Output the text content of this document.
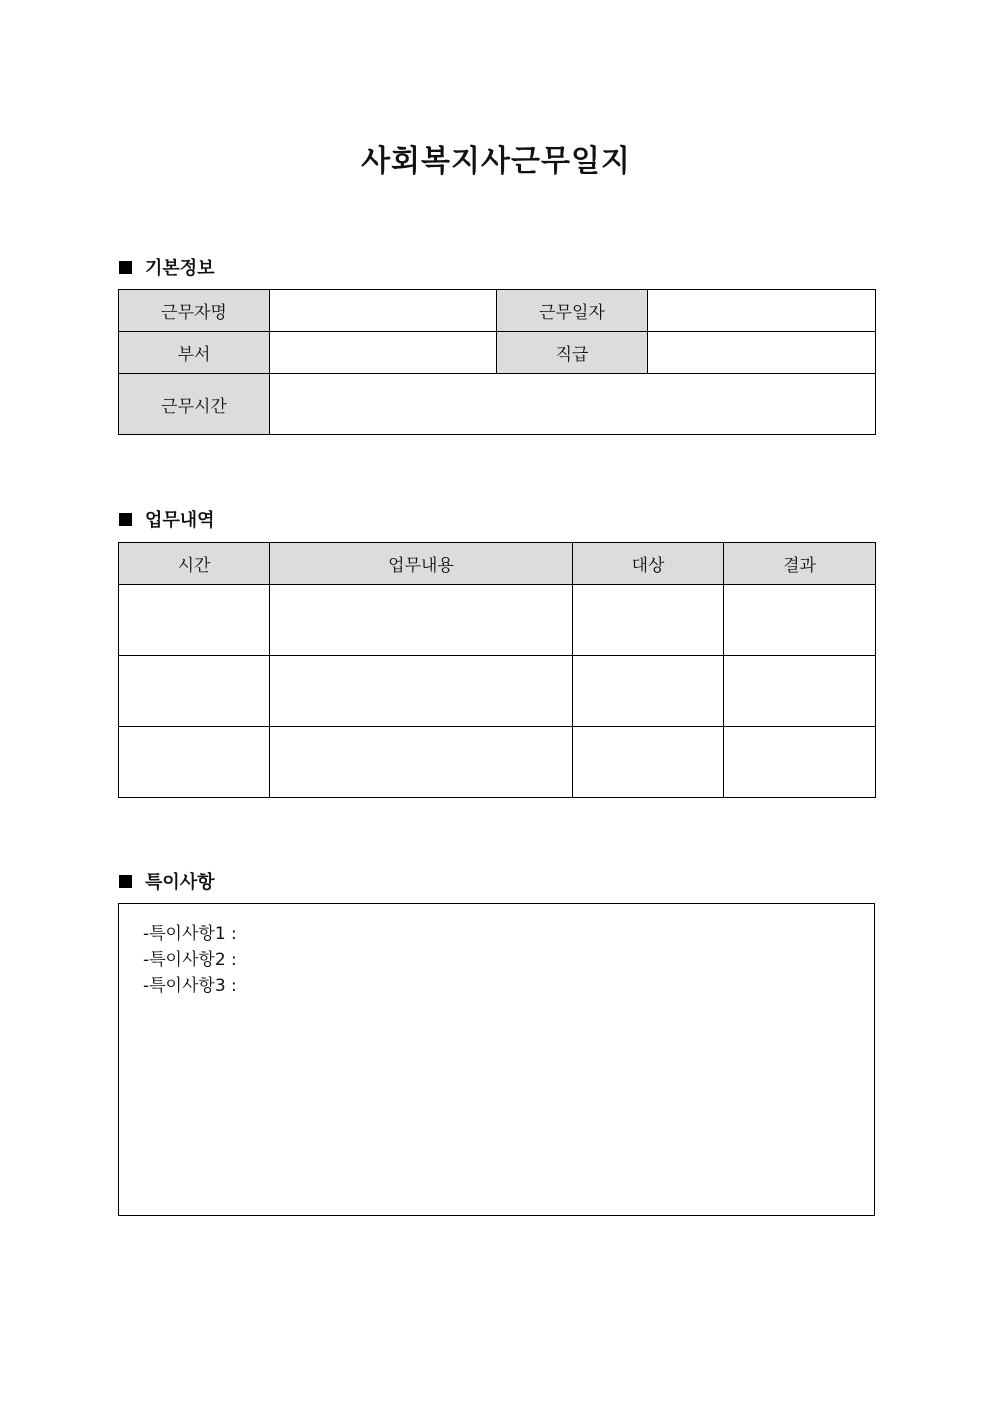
사회복지사근무일지
기본정보
근무자명		근무일자	
부서		직급	
근무시간			
업무내역
시간	업무내용	대상	결과

특이사항
-특이사항1 :
-특이사항2 :
-특이사항3 :
